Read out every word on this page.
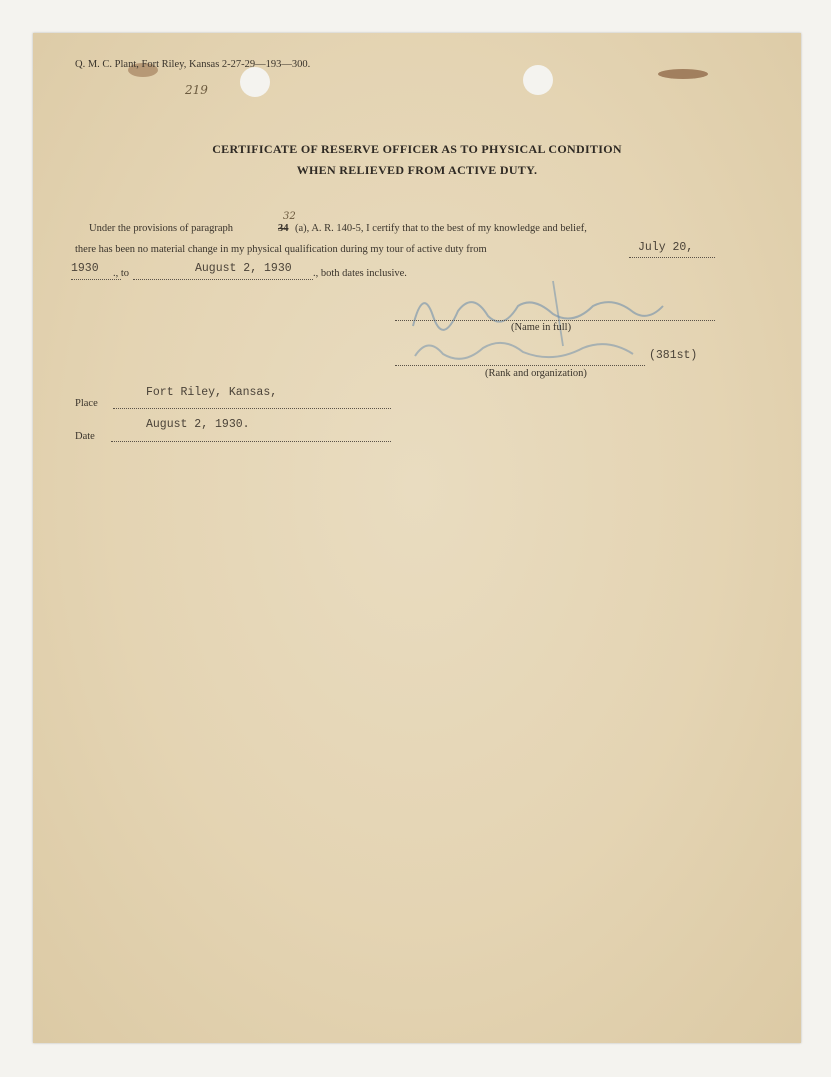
Q. M. C. Plant, Fort Riley, Kansas 2-27-29—193—300.
219
CERTIFICATE OF RESERVE OFFICER AS TO PHYSICAL CONDITION
WHEN RELIEVED FROM ACTIVE DUTY.
Under the provisions of paragraph	34
32
(a), A. R. 140-5, I certify that to the best of my knowledge and belief,
there has been no material change in my physical qualification during my tour of active duty from	July 20,
1930 ., to	August 2, 1930 ., both dates inclusive.
(Name in full)
(381st)
(Rank and organization)
Place
Fort Riley, Kansas,
Date
August 2, 1930.
